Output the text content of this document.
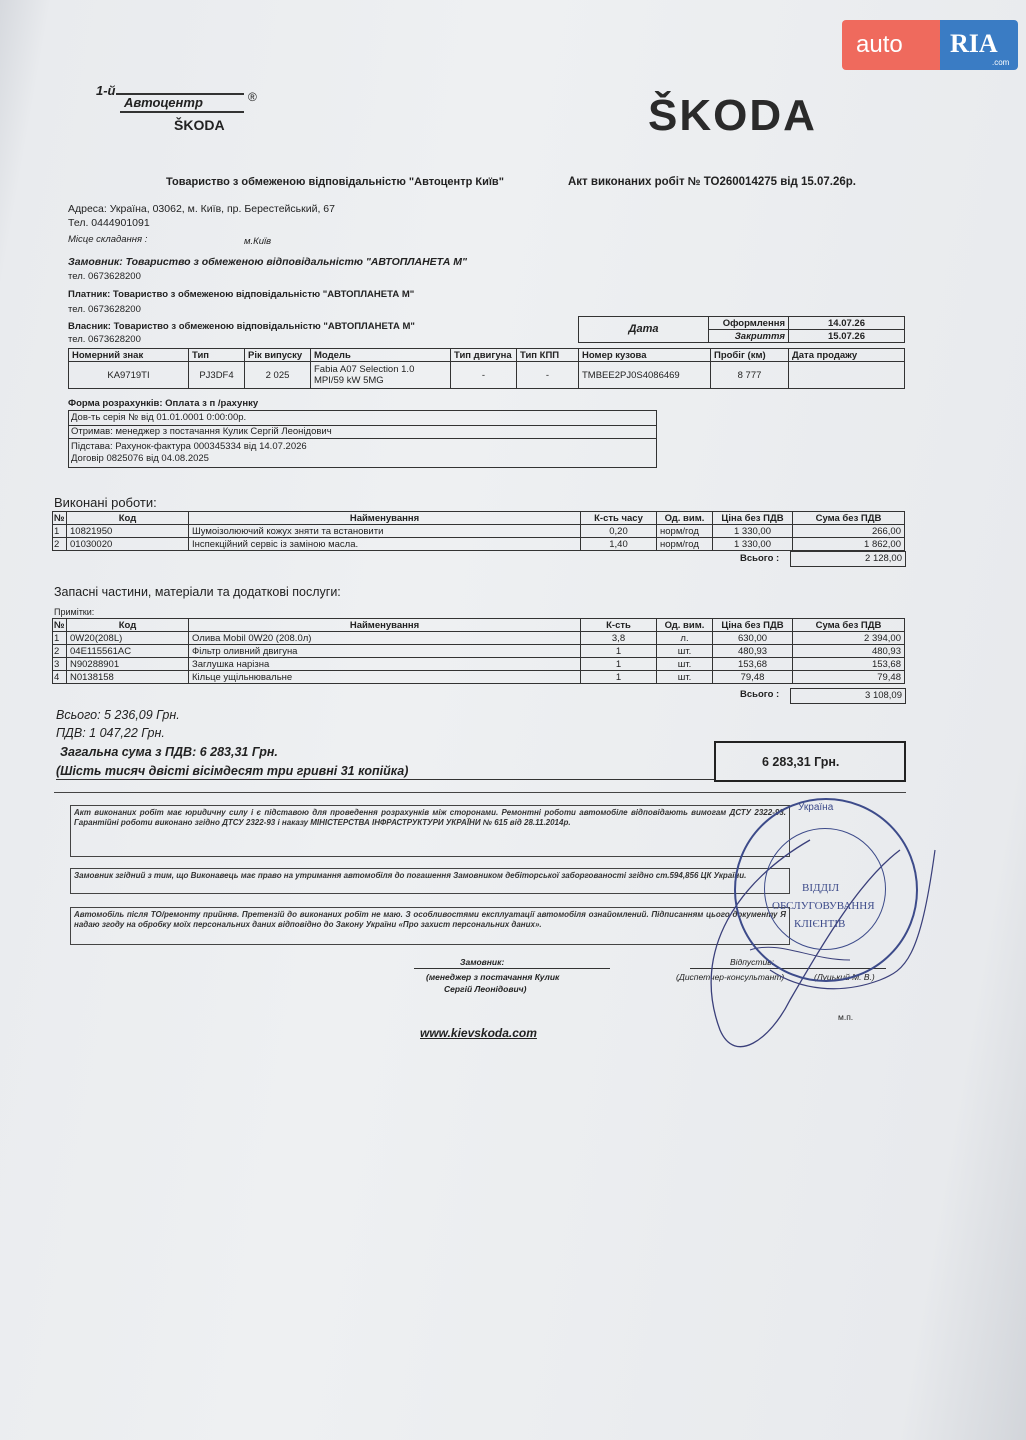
auto RIA
.com
1-й
Автоцентр	®
ŠKODA	ŠKODA
Товариство з обмеженою відповідальністю "Автоцентр Київ"	Акт виконаних робіт № ТО260014275 від 15.07.26р.
Адреса: Україна, 03062, м. Київ, пр. Берестейський, 67
Тел. 0444901091
Місце складання :	м.Київ
Замовник: Товариство з обмеженою відповідальністю "АВТОПЛАНЕТА М"
тел. 0673628200
Платник: Товариство з обмеженою відповідальністю "АВТОПЛАНЕТА М"
тел. 0673628200
Власник: Товариство з обмеженою відповідальністю "АВТОПЛАНЕТА М"
тел. 0673628200
Дата	Оформлення	14.07.26
	Закриття	15.07.26
Номерний знак	Тип	Рік випуску	Модель	Тип двигуна	Тип КПП	Номер кузова	Пробіг (км)	Дата продажу
KA9719TI	PJ3DF4	2 025	Fabia A07 Selection 1.0
MPI/59 kW 5MG	-	-	TMBEE2PJ0S4086469	8 777	
Форма розрахунків: Оплата з п /рахунку
Дов-ть серія № від 01.01.0001 0:00:00р.
Отримав: менеджер з постачання Кулик Сергій Леонідович
Підстава: Рахунок-фактура 000345334 від 14.07.2026
Договір 0825076 від 04.08.2025
Виконані роботи:
№	Код	Найменування	К-сть часу	Од. вим.	Ціна без ПДВ	Сума без ПДВ
1	10821950	Шумоізолюючий кожух зняти та встановити	0,20	норм/год	1 330,00	266,00
2	01030020	Інспекційний сервіс із заміною масла.	1,40	норм/год	1 330,00	1 862,00
Всього :	2 128,00
Запасні частини, матеріали та додаткові послуги:
Примітки:
№	Код	Найменування	К-сть	Од. вим.	Ціна без ПДВ	Сума без ПДВ
1	0W20(208L)	Олива Mobil 0W20 (208.0л)	3,8	л.	630,00	2 394,00
2	04E115561AC	Фільтр оливний двигуна	1	шт.	480,93	480,93
3	N90288901	Заглушка нарізна	1	шт.	153,68	153,68
4	N0138158	Кільце ущільнювальне	1	шт.	79,48	79,48
Всього :	3 108,09
Всього: 5 236,09 Грн.
ПДВ: 1 047,22 Грн.
Загальна сума з ПДВ: 6 283,31 Грн.
(Шість тисяч двісті вісімдесят три гривні 31 копійка)
6 283,31 Грн.
Акт виконаних робіт має юридичну силу і є підставою для проведення розрахунків між сторонами. Ремонтні роботи автомобіле відповідають вимогам ДСТУ 2322-93. Гарантійні роботи виконано згідно ДТСУ 2322-93 і наказу МІНІСТЕРСТВА ІНФРАСТРУКТУРИ УКРАЇНИ № 615 від 28.11.2014р.
Замовник згідний з тим, що Виконавець має право на утримання автомобіля до погашення Замовником дебіторської заборгованості згідно ст.594,856 ЦК України.
Автомобіль після ТО/ремонту прийняв. Претензій до виконаних робіт не маю. З особливостями експлуатації автомобіля ознайомлений. Підписанням цього документу Я надаю згоду на обробку моїх персональних даних відповідно до Закону України «Про захист персональних даних».
Замовник:
(менеджер з постачання Кулик
Сергій Леонідович)
Відпустив:
(Диспетчер-консультант)	(Луцький М. В.)
м.п.
Україна
ВІДДІЛ
ОБСЛУГОВУВАННЯ
КЛІЄНТІВ
www.kievskoda.com
